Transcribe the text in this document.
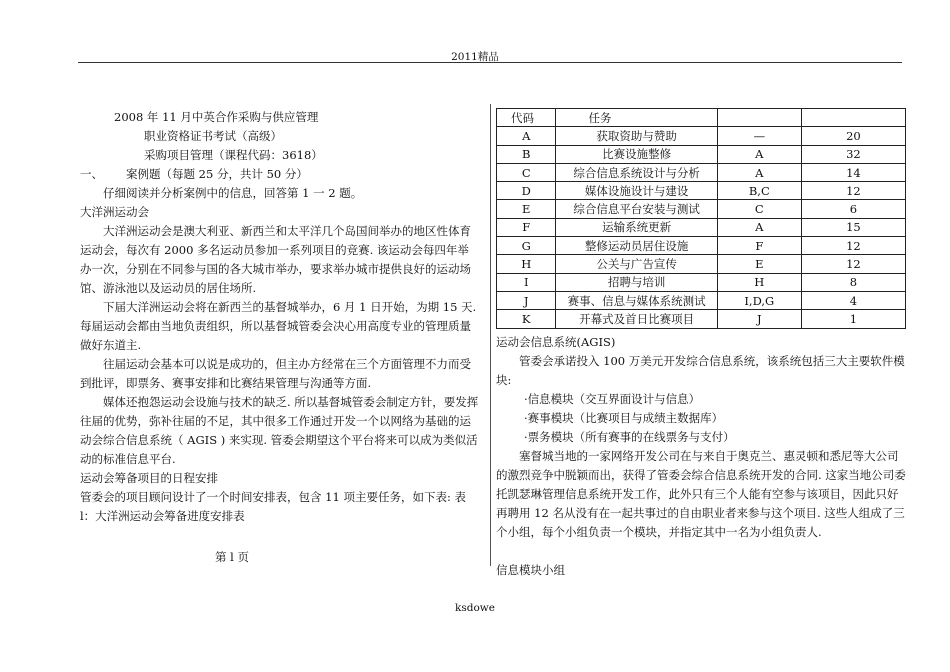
2011精品

2008 年 11 月中英合作采购与供应管理

职业资格证书考试（高级）

采购项目管理（课程代码：3618）

一、	案例题（每题 25 分，共计 50 分）

仔细阅读并分析案例中的信息，回答第 1 一 2 题。

大洋洲运动会

大洋洲运动会是澳大利亚、新西兰和太平洋几个岛国间举办的地区性体育运动会，每次有 2000 多名运动员参加一系列项目的竞赛. 该运动会每四年举办一次，分别在不同参与国的各大城市举办，要求举办城市提供良好的运动场馆、游泳池以及运动员的居住场所.

下届大洋洲运动会将在新西兰的基督城举办，6 月 1 日开始，为期 15 天. 每届运动会都由当地负责组织，所以基督城管委会决心用高度专业的管理质量做好东道主.

往届运动会基本可以说是成功的，但主办方经常在三个方面管理不力而受到批评，即票务、赛事安排和比赛结果管理与沟通等方面.

媒体还抱怨运动会设施与技术的缺乏. 所以基督城管委会制定方针，要发挥往届的优势，弥补往届的不足，其中很多工作通过开发一个以网络为基础的运动会综合信息系统（ AGIS ) 来实现. 管委会期望这个平台将来可以成为类似活动的标准信息平台.

运动会筹备项目的日程安排

管委会的项目顾问设计了一个时间安排表，包含 11 项主要任务，如下表: 表 l：大洋洲运动会筹备进度安排表

第 l 页
代码	任务		
A	获取资助与赞助	—	20
B	比赛设施整修	A	32
C	综合信息系统设计与分析	A	14
D	媒体设施设计与建设	B,C	12
E	综合信息平台安装与测试	C	6
F	运输系统更新	A	15
G	整修运动员居住设施	F	12
H	公关与广告宣传	E	12
I	招聘与培训	H	8
J	赛事、信息与媒体系统测试	I,D,G	4
K	开幕式及首日比赛项目	J	1

运动会信息系统(AGIS)

管委会承诺投入 100 万美元开发综合信息系统，该系统包括三大主要软件模块:

·信息模块（交互界面设计与信息）

·赛事模块（比赛项目与成绩主数据库）

·票务模块（所有赛事的在线票务与支付）

塞督城当地的一家网络开发公司在与来自于奥克兰、惠灵顿和悉尼等大公司的激烈竞争中脱颖而出，获得了管委会综合信息系统开发的合同. 这家当地公司委托凯瑟琳管理信息系统开发工作，此外只有三个人能有空参与该项目，因此只好再聘用 12 名从没有在一起共事过的自由职业者来参与这个项目. 这些人组成了三个小组，每个小组负责一个模块，并指定其中一名为小组负责人.

信息模块小组

ksdowe
